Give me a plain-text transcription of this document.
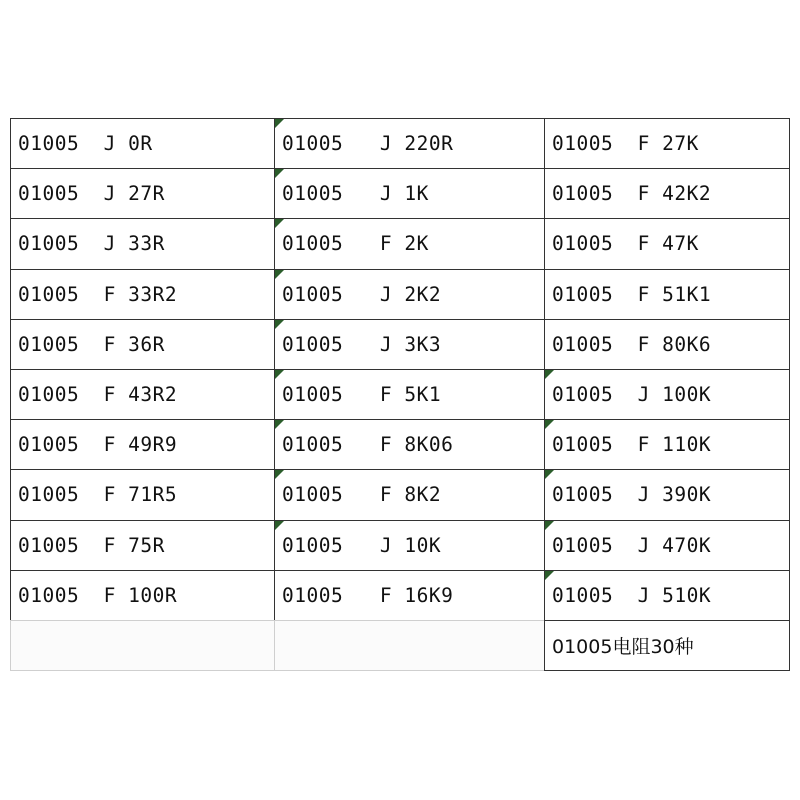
01005  J 0R
01005  J 27R
01005  J 33R
01005  F 33R2
01005  F 36R
01005  F 43R2
01005  F 49R9
01005  F 71R5
01005  F 75R
01005  F 100R
01005   J 220R
01005   J 1K
01005   F 2K
01005   J 2K2
01005   J 3K3
01005   F 5K1
01005   F 8K06
01005   F 8K2
01005   J 10K
01005   F 16K9
01005  F 27K
01005  F 42K2
01005  F 47K
01005  F 51K1
01005  F 80K6
01005  J 100K
01005  F 110K
01005  J 390K
01005  J 470K
01005  J 510K
01005电阻30种
